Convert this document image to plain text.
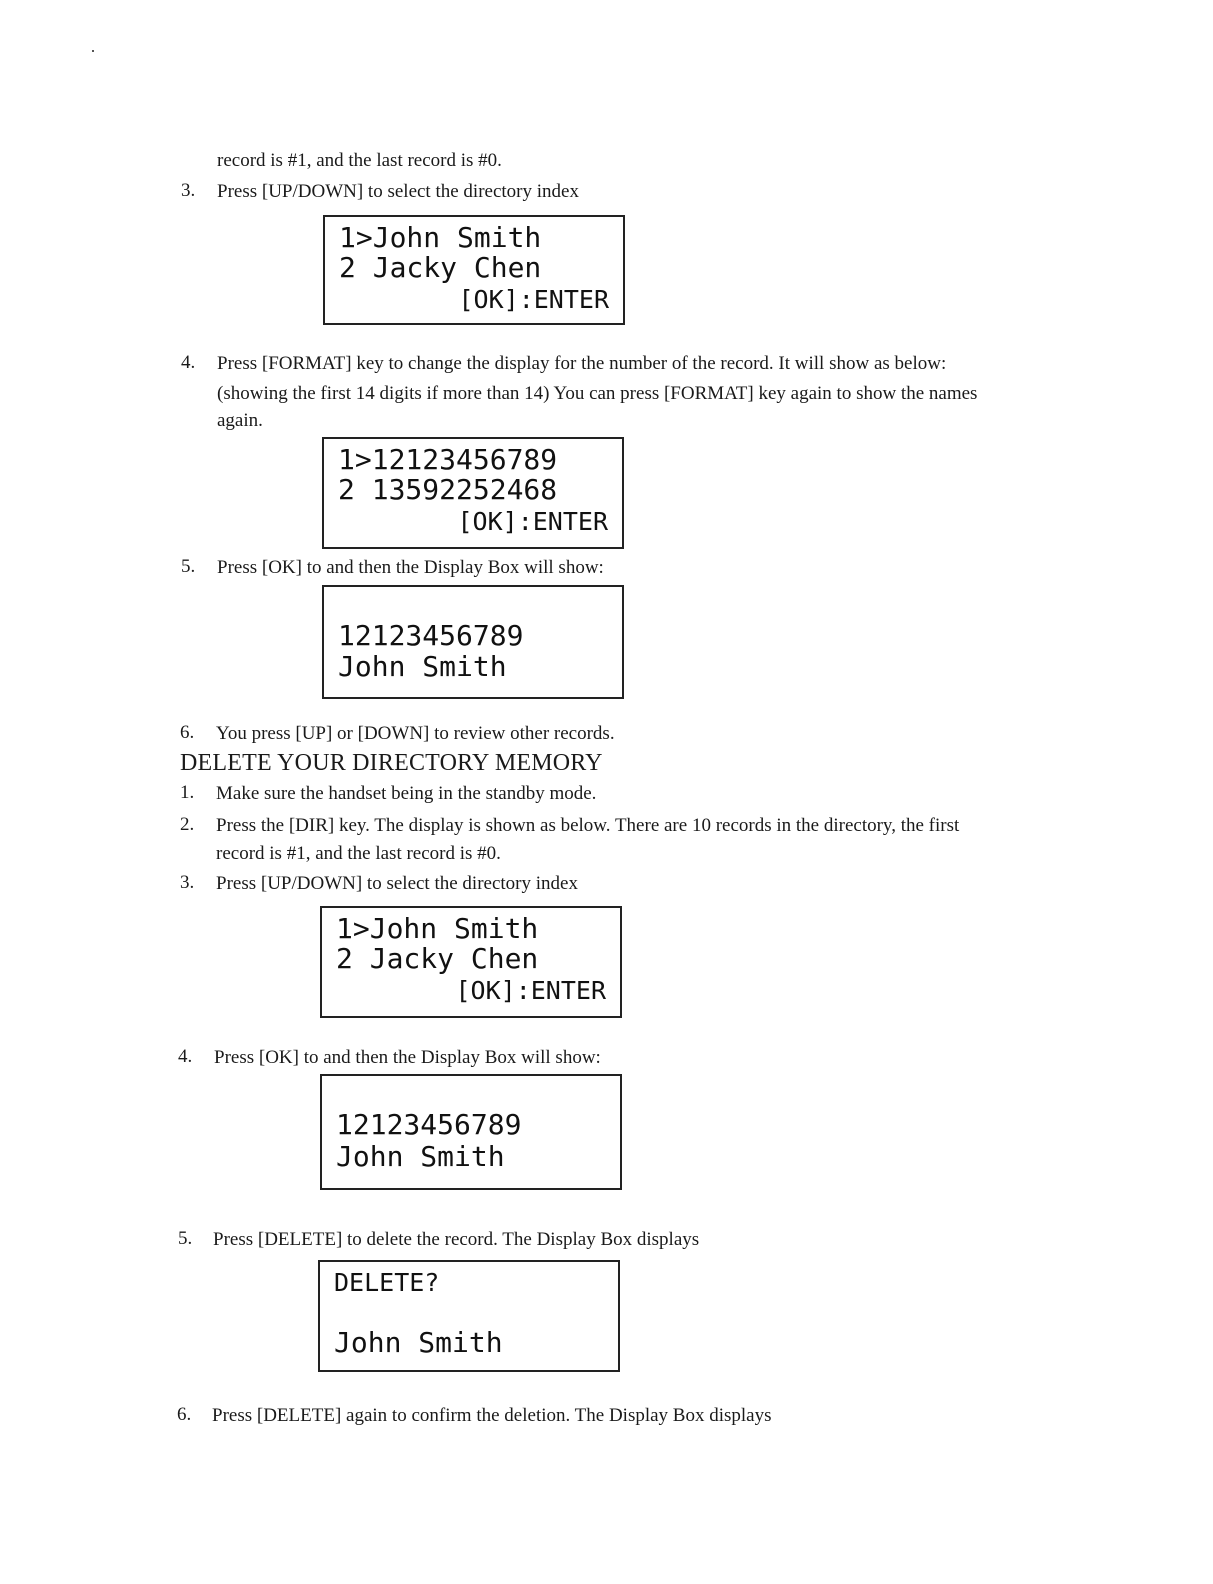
record is #1, and the last record is #0.
3. Press [UP/DOWN] to select the directory index
1>John Smith
2 Jacky Chen
[OK]:ENTER
4. Press [FORMAT] key to change the display for the number of the record. It will show as below:
(showing the first 14 digits if more than 14) You can press [FORMAT] key again to show the names
again.
1>12123456789
2 13592252468
[OK]:ENTER
5. Press [OK] to and then the Display Box will show:
12123456789
John Smith
6. You press [UP] or [DOWN] to review other records.
DELETE YOUR DIRECTORY MEMORY
1. Make sure the handset being in the standby mode.
2. Press the [DIR] key. The display is shown as below. There are 10 records in the directory, the first
record is #1, and the last record is #0.
3. Press [UP/DOWN] to select the directory index
1>John Smith
2 Jacky Chen
[OK]:ENTER
4. Press [OK] to and then the Display Box will show:
12123456789
John Smith
5. Press [DELETE] to delete the record. The Display Box displays
DELETE?
John Smith
6. Press [DELETE] again to confirm the deletion. The Display Box displays
